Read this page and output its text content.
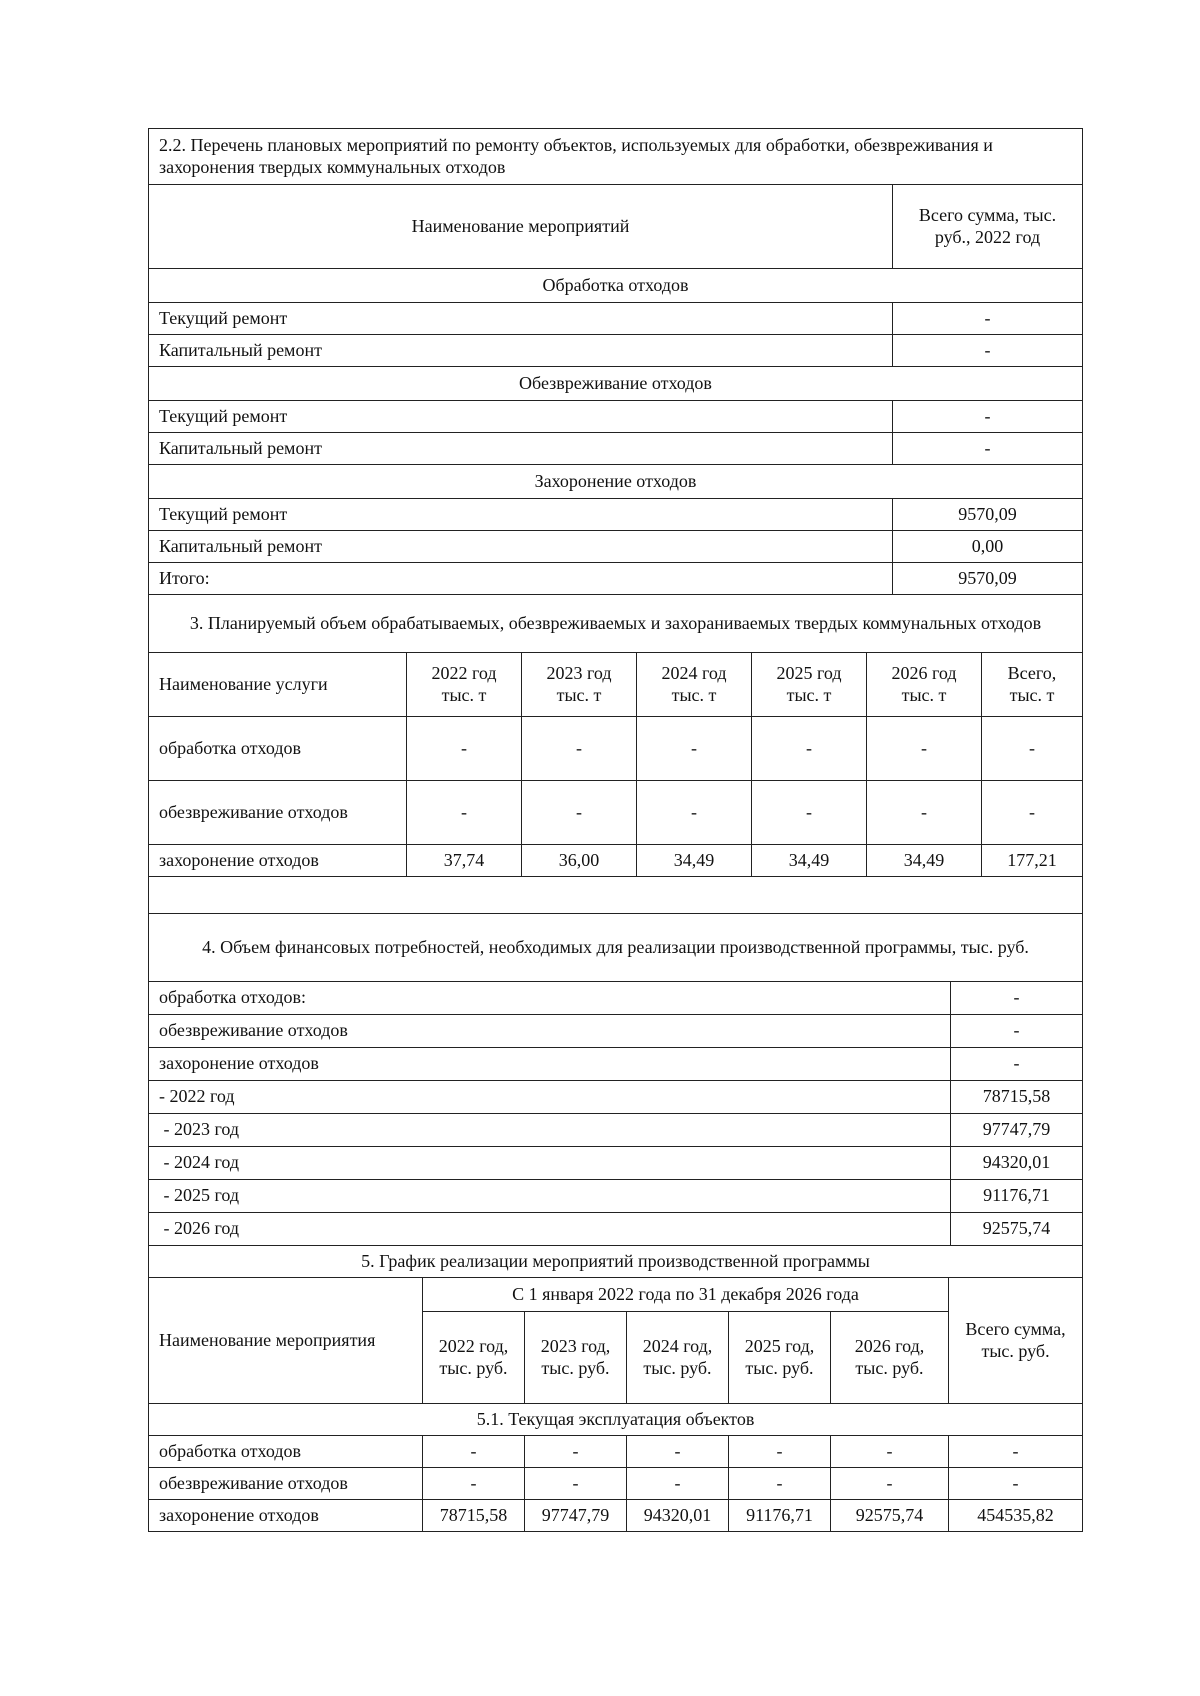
2.2. Перечень плановых мероприятий по ремонту объектов, используемых для обработки, обезвреживания и захоронения твердых коммунальных отходов	
Наименование мероприятий	Всего сумма, тыс. руб., 2022 год
Обработка отходов	
Текущий ремонт	-
Капитальный ремонт	-
Обезвреживание отходов	
Текущий ремонт	-
Капитальный ремонт	-
Захоронение отходов	
Текущий ремонт	9570,09
Капитальный ремонт	0,00
Итого:	9570,09
3. Планируемый объем обрабатываемых, обезвреживаемых и захораниваемых твердых коммунальных отходов						
Наименование услуги	2022 год тыс. т	2023 год тыс. т	2024 год тыс. т	2025 год тыс. т	2026 год тыс. т	Всего, тыс. т
обработка отходов	-	-	-	-	-	-
обезвреживание отходов	-	-	-	-	-	-
захоронение отходов	37,74	36,00	34,49	34,49	34,49	177,21

4. Объем финансовых потребностей, необходимых для реализации производственной программы, тыс. руб.	
обработка отходов:	-
обезвреживание отходов	-
захоронение отходов	-
- 2022 год	78715,58
- 2023 год	97747,79
- 2024 год	94320,01
- 2025 год	91176,71
- 2026 год	92575,74
5. График реализации мероприятий производственной программы						
Наименование мероприятия	С 1 января 2022 года по 31 декабря 2026 года					Всего сумма, тыс. руб.
	2022 год, тыс. руб.	2023 год, тыс. руб.	2024 год, тыс. руб.	2025 год, тыс. руб.	2026 год, тыс. руб.	
5.1. Текущая эксплуатация объектов						
обработка отходов	-	-	-	-	-	-
обезвреживание отходов	-	-	-	-	-	-
захоронение отходов	78715,58	97747,79	94320,01	91176,71	92575,74	454535,82
